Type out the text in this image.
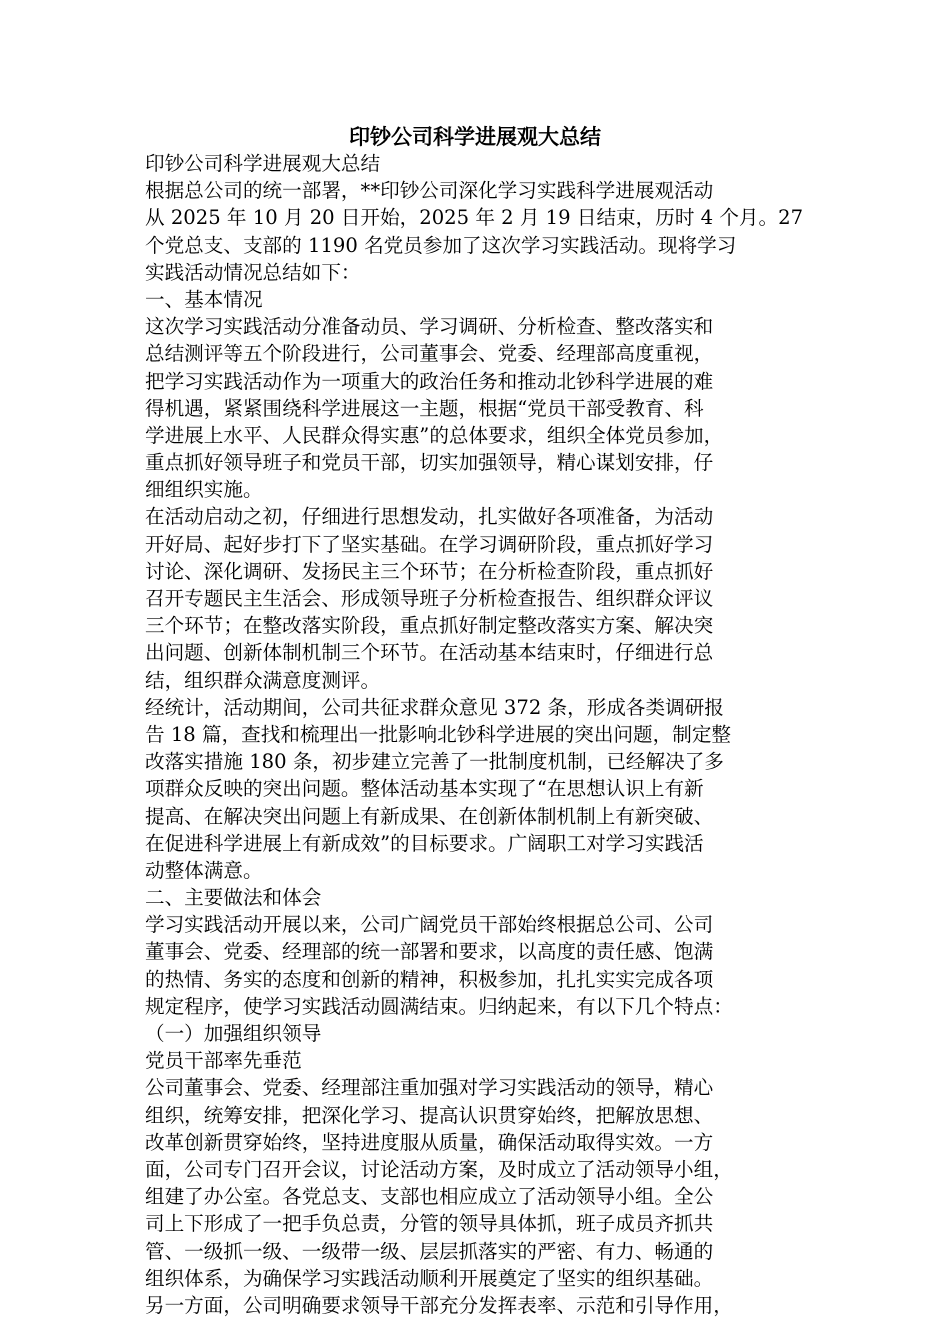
印钞公司科学进展观大总结
印钞公司科学进展观大总结
根据总公司的统一部署，**印钞公司深化学习实践科学进展观活动
从 2025 年 10 月 20 日开始，2025 年 2 月 19 日结束，历时 4 个月。27
个党总支、支部的 1190 名党员参加了这次学习实践活动。现将学习
实践活动情况总结如下：
一、基本情况
这次学习实践活动分准备动员、学习调研、分析检查、整改落实和
总结测评等五个阶段进行，公司董事会、党委、经理部高度重视，
把学习实践活动作为一项重大的政治任务和推动北钞科学进展的难
得机遇，紧紧围绕科学进展这一主题，根据“党员干部受教育、科
学进展上水平、人民群众得实惠”的总体要求，组织全体党员参加，
重点抓好领导班子和党员干部，切实加强领导，精心谋划安排，仔
细组织实施。
在活动启动之初，仔细进行思想发动，扎实做好各项准备，为活动
开好局、起好步打下了坚实基础。在学习调研阶段，重点抓好学习
讨论、深化调研、发扬民主三个环节；在分析检查阶段，重点抓好
召开专题民主生活会、形成领导班子分析检查报告、组织群众评议
三个环节；在整改落实阶段，重点抓好制定整改落实方案、解决突
出问题、创新体制机制三个环节。在活动基本结束时，仔细进行总
结，组织群众满意度测评。
经统计，活动期间，公司共征求群众意见 372 条，形成各类调研报
告 18 篇，查找和梳理出一批影响北钞科学进展的突出问题，制定整
改落实措施 180 条，初步建立完善了一批制度机制，已经解决了多
项群众反映的突出问题。整体活动基本实现了“在思想认识上有新
提高、在解决突出问题上有新成果、在创新体制机制上有新突破、
在促进科学进展上有新成效”的目标要求。广阔职工对学习实践活
动整体满意。
二、主要做法和体会
学习实践活动开展以来，公司广阔党员干部始终根据总公司、公司
董事会、党委、经理部的统一部署和要求，以高度的责任感、饱满
的热情、务实的态度和创新的精神，积极参加，扎扎实实完成各项
规定程序，使学习实践活动圆满结束。归纳起来，有以下几个特点：
（一）加强组织领导
党员干部率先垂范
公司董事会、党委、经理部注重加强对学习实践活动的领导，精心
组织，统筹安排，把深化学习、提高认识贯穿始终，把解放思想、
改革创新贯穿始终，坚持进度服从质量，确保活动取得实效。一方
面，公司专门召开会议，讨论活动方案，及时成立了活动领导小组，
组建了办公室。各党总支、支部也相应成立了活动领导小组。全公
司上下形成了一把手负总责，分管的领导具体抓，班子成员齐抓共
管、一级抓一级、一级带一级、层层抓落实的严密、有力、畅通的
组织体系，为确保学习实践活动顺利开展奠定了坚实的组织基础。
另一方面，公司明确要求领导干部充分发挥表率、示范和引导作用，
